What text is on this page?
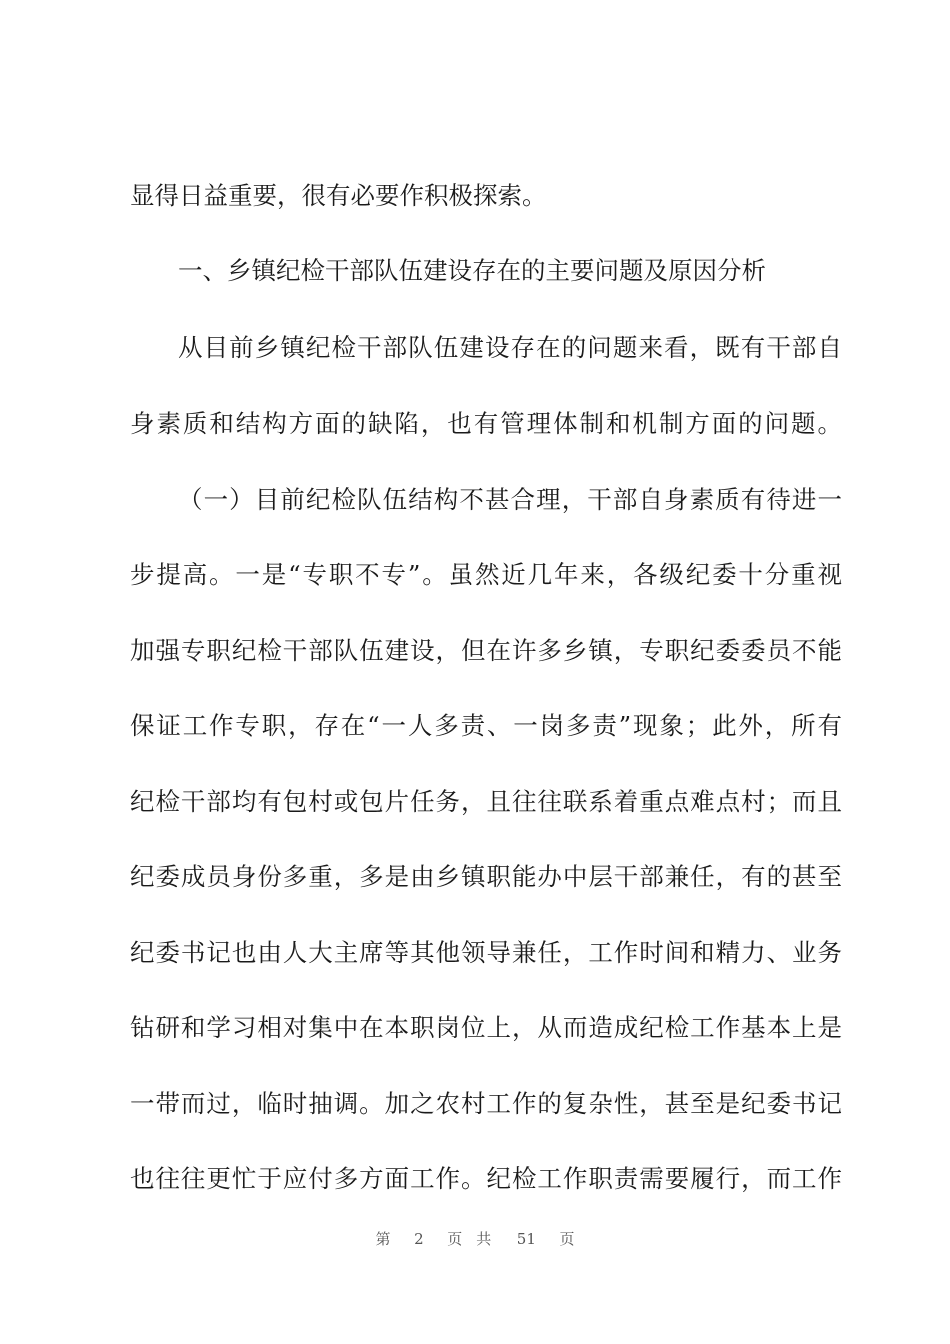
显得日益重要，很有必要作积极探索。
一、乡镇纪检干部队伍建设存在的主要问题及原因分析
从目前乡镇纪检干部队伍建设存在的问题来看，既有干部自
身素质和结构方面的缺陷，也有管理体制和机制方面的问题。
（一）目前纪检队伍结构不甚合理，干部自身素质有待进一
步提高。一是“专职不专”。虽然近几年来，各级纪委十分重视
加强专职纪检干部队伍建设，但在许多乡镇，专职纪委委员不能
保证工作专职，存在“一人多责、一岗多责”现象；此外，所有
纪检干部均有包村或包片任务，且往往联系着重点难点村；而且
纪委成员身份多重，多是由乡镇职能办中层干部兼任，有的甚至
纪委书记也由人大主席等其他领导兼任，工作时间和精力、业务
钻研和学习相对集中在本职岗位上，从而造成纪检工作基本上是
一带而过，临时抽调。加之农村工作的复杂性，甚至是纪委书记
也往往更忙于应付多方面工作。纪检工作职责需要履行，而工作
第 2 页共 51 页
